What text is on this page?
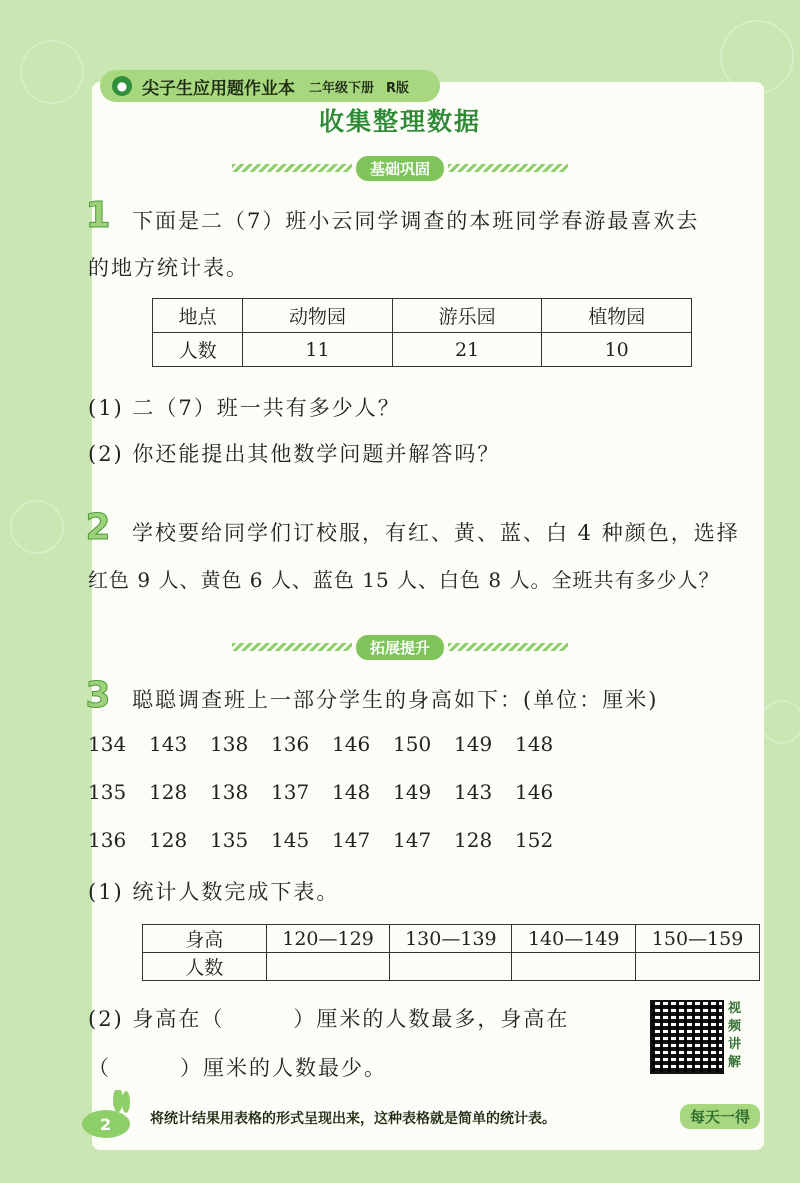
● 尖子生应用题作业本 二年级下册 R版
收集整理数据
基础巩固
1 下面是二（7）班小云同学调查的本班同学春游最喜欢去
的地方统计表。
地点	动物园	游乐园	植物园
人数	11	21	10
(1) 二（7）班一共有多少人？
(2) 你还能提出其他数学问题并解答吗？
2 学校要给同学们订校服，有红、黄、蓝、白 4 种颜色，选择
红色 9 人、黄色 6 人、蓝色 15 人、白色 8 人。全班共有多少人？
拓展提升
3 聪聪调查班上一部分学生的身高如下：(单位：厘米)
134	143	138	136	146	150	149	148
135	128	138	137	148	149	143	146
136	128	135	145	147	147	128	152
(1) 统计人数完成下表。
身高	120—129	130—139	140—149	150—159
人数				
(2) 身高在（　　　）厘米的人数最多，身高在
（　　　）厘米的人数最少。
视频讲解
2	将统计结果用表格的形式呈现出来，这种表格就是简单的统计表。	每天一得
